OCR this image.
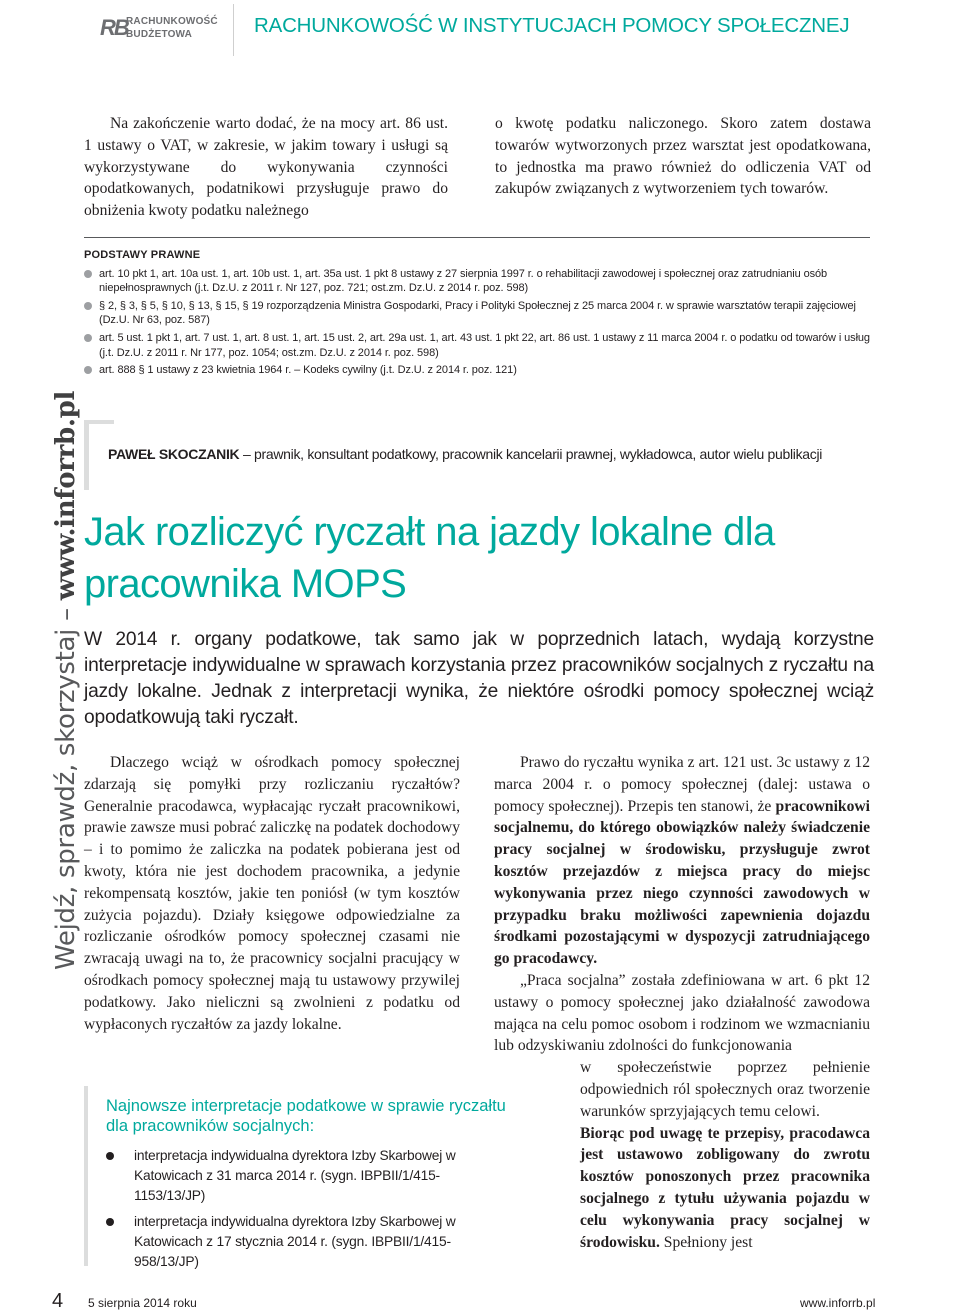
RB
RACHUNKOWOŚĆ
BUDŻETOWA	RACHUNKOWOŚĆ W INSTYTUCJACH POMOCY SPOŁECZNEJ

Na zakończenie warto dodać, że na mocy art. 86 ust. 1 ustawy o VAT, w zakresie, w jakim towary i usługi są wykorzystywane do wykonywania czynności opodatkowanych, podatnikowi przysługuje prawo do obniżenia kwoty podatku należnego

o kwotę podatku naliczonego. Skoro zatem dostawa towarów wytworzonych przez warsztat jest opodatkowana, to jednostka ma prawo również do odliczenia VAT od zakupów związanych z wytworzeniem tych towarów.

PODSTAWY PRAWNE
art. 10 pkt 1, art. 10a ust. 1, art. 10b ust. 1, art. 35a ust. 1 pkt 8 ustawy z 27 sierpnia 1997 r. o rehabilitacji zawodowej i społecznej oraz zatrudnianiu osób niepełnosprawnych (j.t. Dz.U. z 2011 r. Nr 127, poz. 721; ost.zm. Dz.U. z 2014 r. poz. 598)
§ 2, § 3, § 5, § 10, § 13, § 15, § 19 rozporządzenia Ministra Gospodarki, Pracy i Polityki Społecznej z 25 marca 2004 r. w sprawie warsztatów terapii zajęciowej (Dz.U. Nr 63, poz. 587)
art. 5 ust. 1 pkt 1, art. 7 ust. 1, art. 8 ust. 1, art. 15 ust. 2, art. 29a ust. 1, art. 43 ust. 1 pkt 22, art. 86 ust. 1 ustawy z 11 marca 2004 r. o podatku od towarów i usług (j.t. Dz.U. z 2011 r. Nr 177, poz. 1054; ost.zm. Dz.U. z 2014 r. poz. 598)
art. 888 § 1 ustawy z 23 kwietnia 1964 r. – Kodeks cywilny (j.t. Dz.U. z 2014 r. poz. 121)
Wejdź, sprawdź, skorzystaj – www.inforrb.pl	PAWEŁ SKOCZANIK – prawnik, konsultant podatkowy, pracownik kancelarii prawnej, wykładowca, autor wielu publikacji
Jak rozliczyć ryczałt na jazdy lokalne dla pracownika MOPS
W 2014 r. organy podatkowe, tak samo jak w poprzednich latach, wydają korzystne interpretacje indywidualne w sprawach korzystania przez pracowników socjalnych z ryczałtu na jazdy lokalne. Jednak z interpretacji wynika, że niektóre ośrodki pomocy społecznej wciąż opodatkowują taki ryczałt.

Dlaczego wciąż w ośrodkach pomocy społecznej zdarzają się pomyłki przy rozliczaniu ryczałtów? Generalnie pracodawca, wypłacając ryczałt pracownikowi, prawie zawsze musi pobrać zaliczkę na podatek dochodowy – i to pomimo że zaliczka na podatek pobierana jest od kwoty, która nie jest dochodem pracownika, a jedynie rekompensatą kosztów, jakie ten poniósł (w tym kosztów zużycia pojazdu). Działy księgowe odpowiedzialne za rozliczanie ośrodków pomocy społecznej czasami nie zwracają uwagi na to, że pracownicy socjalni pracujący w ośrodkach pomocy społecznej mają tu ustawowy przywilej podatkowy. Jako nieliczni są zwolnieni z podatku od wypłaconych ryczałtów za jazdy lokalne.

Prawo do ryczałtu wynika z art. 121 ust. 3c ustawy z 12 marca 2004 r. o pomocy społecznej (dalej: ustawa o pomocy społecznej). Przepis ten stanowi, że pracownikowi socjalnemu, do którego obowiązków należy świadczenie pracy socjalnej w środowisku, przysługuje zwrot kosztów przejazdów z miejsca pracy do miejsc wykonywania przez niego czynności zawodowych w przypadku braku możliwości zapewnienia dojazdu środkami pozostającymi w dyspozycji zatrudniającego go pracodawcy.

„Praca socjalna” została zdefiniowana w art. 6 pkt 12 ustawy o pomocy społecznej jako działalność zawodowa mająca na celu pomoc osobom i rodzinom we wzmacnianiu lub odzyskiwaniu zdolności do funkcjonowania

w społeczeństwie poprzez pełnienie odpowiednich ról społecznych oraz tworzenie warunków sprzyjających temu celowi.

Biorąc pod uwagę te przepisy, pracodawca jest ustawowo zobligowany do zwrotu kosztów ponoszonych przez pracownika socjalnego z tytułu używania pojazdu w celu wykonywania pracy socjalnej w środowisku. Spełniony jest

Najnowsze interpretacje podatkowe w sprawie ryczałtu dla pracowników socjalnych:
interpretacja indywidualna dyrektora Izby Skarbowej w Katowicach z 31 marca 2014 r. (sygn. IBPBII/1/415-1153/13/JP)
interpretacja indywidualna dyrektora Izby Skarbowej w Katowicach z 17 stycznia 2014 r. (sygn. IBPBII/1/415-958/13/JP)
4 5 sierpnia 2014 roku	www.inforrb.pl
